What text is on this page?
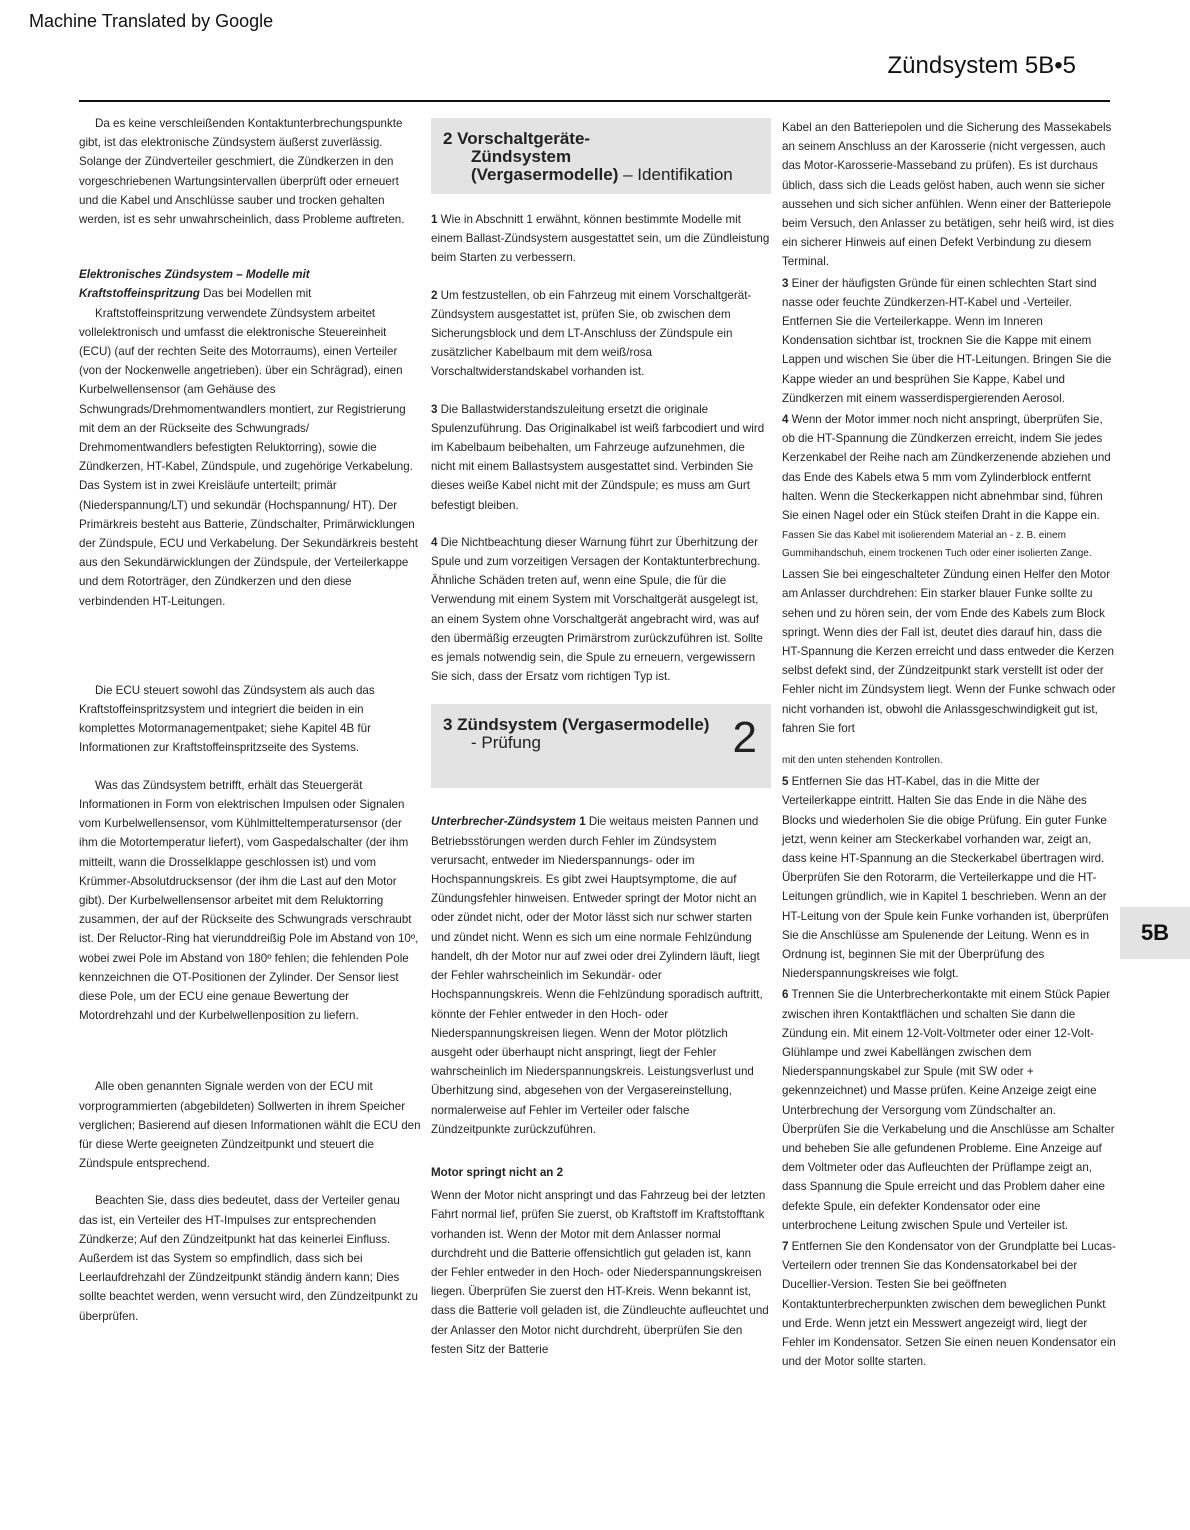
Machine Translated by Google
Zündsystem 5B•5

Da es keine verschleißenden Kontaktunterbrechungspunkte gibt, ist das elektronische Zündsystem äußerst zuverlässig. Solange der Zündverteiler geschmiert, die Zündkerzen in den vorgeschriebenen Wartungsintervallen überprüft oder erneuert und die Kabel und Anschlüsse sauber und trocken gehalten werden, ist es sehr unwahrscheinlich, dass Probleme auftreten.

Elektronisches Zündsystem – Modelle mit Kraftstoffeinspritzung Das bei Modellen mit

Kraftstoffeinspritzung verwendete Zündsystem arbeitet vollelektronisch und umfasst die elektronische Steuereinheit (ECU) (auf der rechten Seite des Motorraums), einen Verteiler (von der Nockenwelle angetrieben). über ein Schrägrad), einen Kurbelwellensensor (am Gehäuse des Schwungrads/Drehmomentwandlers montiert, zur Registrierung mit dem an der Rückseite des Schwungrads/ Drehmomentwandlers befestigten Reluktorring), sowie die Zündkerzen, HT-Kabel, Zündspule, und zugehörige Verkabelung. Das System ist in zwei Kreisläufe unterteilt; primär (Niederspannung/LT) und sekundär (Hochspannung/ HT). Der Primärkreis besteht aus Batterie, Zündschalter, Primärwicklungen der Zündspule, ECU und Verkabelung. Der Sekundärkreis besteht aus den Sekundärwicklungen der Zündspule, der Verteilerkappe und dem Rotorträger, den Zündkerzen und den diese verbindenden HT-Leitungen.

Die ECU steuert sowohl das Zündsystem als auch das Kraftstoffeinspritzsystem und integriert die beiden in ein komplettes Motormanagementpaket; siehe Kapitel 4B für Informationen zur Kraftstoffeinspritzseite des Systems.

Was das Zündsystem betrifft, erhält das Steuergerät Informationen in Form von elektrischen Impulsen oder Signalen vom Kurbelwellensensor, vom Kühlmitteltemperatursensor (der ihm die Motortemperatur liefert), vom Gaspedalschalter (der ihm mitteilt, wann die Drosselklappe geschlossen ist) und vom Krümmer-Absolutdrucksensor (der ihm die Last auf den Motor gibt). Der Kurbelwellensensor arbeitet mit dem Reluktorring zusammen, der auf der Rückseite des Schwungrads verschraubt ist. Der Reluctor-Ring hat vierunddreißig Pole im Abstand von 10º, wobei zwei Pole im Abstand von 180º fehlen; die fehlenden Pole kennzeichnen die OT-Positionen der Zylinder. Der Sensor liest diese Pole, um der ECU eine genaue Bewertung der Motordrehzahl und der Kurbelwellenposition zu liefern.

Alle oben genannten Signale werden von der ECU mit vorprogrammierten (abgebildeten) Sollwerten in ihrem Speicher verglichen; Basierend auf diesen Informationen wählt die ECU den für diese Werte geeigneten Zündzeitpunkt und steuert die Zündspule entsprechend.

Beachten Sie, dass dies bedeutet, dass der Verteiler genau das ist, ein Verteiler des HT-Impulses zur entsprechenden Zündkerze; Auf den Zündzeitpunkt hat das keinerlei Einfluss. Außerdem ist das System so empfindlich, dass sich bei Leerlaufdrehzahl der Zündzeitpunkt ständig ändern kann; Dies sollte beachtet werden, wenn versucht wird, den Zündzeitpunkt zu überprüfen.

2 Vorschaltgeräte-
Zündsystem
(Vergasermodelle) – Identifikation

1 Wie in Abschnitt 1 erwähnt, können bestimmte Modelle mit einem Ballast-Zündsystem ausgestattet sein, um die Zündleistung beim Starten zu verbessern.

2 Um festzustellen, ob ein Fahrzeug mit einem Vorschaltgerät-Zündsystem ausgestattet ist, prüfen Sie, ob zwischen dem Sicherungsblock und dem LT-Anschluss der Zündspule ein zusätzlicher Kabelbaum mit dem weiß/rosa Vorschaltwiderstandskabel vorhanden ist.

3 Die Ballastwiderstandszuleitung ersetzt die originale Spulenzuführung. Das Originalkabel ist weiß farbcodiert und wird im Kabelbaum beibehalten, um Fahrzeuge aufzunehmen, die nicht mit einem Ballastsystem ausgestattet sind. Verbinden Sie dieses weiße Kabel nicht mit der Zündspule; es muss am Gurt befestigt bleiben.

4 Die Nichtbeachtung dieser Warnung führt zur Überhitzung der Spule und zum vorzeitigen Versagen der Kontaktunterbrechung. Ähnliche Schäden treten auf, wenn eine Spule, die für die Verwendung mit einem System mit Vorschaltgerät ausgelegt ist, an einem System ohne Vorschaltgerät angebracht wird, was auf den übermäßig erzeugten Primärstrom zurückzuführen ist. Sollte es jemals notwendig sein, die Spule zu erneuern, vergewissern Sie sich, dass der Ersatz vom richtigen Typ ist.

3 Zündsystem (Vergasermodelle)
- Prüfung	2

Unterbrecher-Zündsystem 1 Die weitaus meisten Pannen und Betriebsstörungen werden durch Fehler im Zündsystem verursacht, entweder im Niederspannungs- oder im Hochspannungskreis. Es gibt zwei Hauptsymptome, die auf Zündungsfehler hinweisen. Entweder springt der Motor nicht an oder zündet nicht, oder der Motor lässt sich nur schwer starten und zündet nicht. Wenn es sich um eine normale Fehlzündung handelt, dh der Motor nur auf zwei oder drei Zylindern läuft, liegt der Fehler wahrscheinlich im Sekundär- oder Hochspannungskreis. Wenn die Fehlzündung sporadisch auftritt, könnte der Fehler entweder in den Hoch- oder Niederspannungskreisen liegen. Wenn der Motor plötzlich ausgeht oder überhaupt nicht anspringt, liegt der Fehler wahrscheinlich im Niederspannungskreis. Leistungsverlust und Überhitzung sind, abgesehen von der Vergasereinstellung, normalerweise auf Fehler im Verteiler oder falsche Zündzeitpunkte zurückzuführen.

Motor springt nicht an 2

Wenn der Motor nicht anspringt und das Fahrzeug bei der letzten Fahrt normal lief, prüfen Sie zuerst, ob Kraftstoff im Kraftstofftank vorhanden ist. Wenn der Motor mit dem Anlasser normal durchdreht und die Batterie offensichtlich gut geladen ist, kann der Fehler entweder in den Hoch- oder Niederspannungskreisen liegen. Überprüfen Sie zuerst den HT-Kreis. Wenn bekannt ist, dass die Batterie voll geladen ist, die Zündleuchte aufleuchtet und der Anlasser den Motor nicht durchdreht, überprüfen Sie den festen Sitz der Batterie

Kabel an den Batteriepolen und die Sicherung des Massekabels an seinem Anschluss an der Karosserie (nicht vergessen, auch das Motor-Karosserie-Masseband zu prüfen). Es ist durchaus üblich, dass sich die Leads gelöst haben, auch wenn sie sicher aussehen und sich sicher anfühlen. Wenn einer der Batteriepole beim Versuch, den Anlasser zu betätigen, sehr heiß wird, ist dies ein sicherer Hinweis auf einen Defekt Verbindung zu diesem Terminal.

3 Einer der häufigsten Gründe für einen schlechten Start sind nasse oder feuchte Zündkerzen-HT-Kabel und -Verteiler. Entfernen Sie die Verteilerkappe. Wenn im Inneren Kondensation sichtbar ist, trocknen Sie die Kappe mit einem Lappen und wischen Sie über die HT-Leitungen. Bringen Sie die Kappe wieder an und besprühen Sie Kappe, Kabel und Zündkerzen mit einem wasserdispergierenden Aerosol.

4 Wenn der Motor immer noch nicht anspringt, überprüfen Sie, ob die HT-Spannung die Zündkerzen erreicht, indem Sie jedes Kerzenkabel der Reihe nach am Zündkerzenende abziehen und das Ende des Kabels etwa 5 mm vom Zylinderblock entfernt halten. Wenn die Steckerkappen nicht abnehmbar sind, führen Sie einen Nagel oder ein Stück steifen Draht in die Kappe ein.

Fassen Sie das Kabel mit isolierendem Material an - z. B. einem Gummihandschuh, einem trockenen Tuch oder einer isolierten Zange.

Lassen Sie bei eingeschalteter Zündung einen Helfer den Motor am Anlasser durchdrehen: Ein starker blauer Funke sollte zu sehen und zu hören sein, der vom Ende des Kabels zum Block springt. Wenn dies der Fall ist, deutet dies darauf hin, dass die HT-Spannung die Kerzen erreicht und dass entweder die Kerzen selbst defekt sind, der Zündzeitpunkt stark verstellt ist oder der Fehler nicht im Zündsystem liegt. Wenn der Funke schwach oder nicht vorhanden ist, obwohl die Anlassgeschwindigkeit gut ist, fahren Sie fort

mit den unten stehenden Kontrollen.

5 Entfernen Sie das HT-Kabel, das in die Mitte der Verteilerkappe eintritt. Halten Sie das Ende in die Nähe des Blocks und wiederholen Sie die obige Prüfung. Ein guter Funke jetzt, wenn keiner am Steckerkabel vorhanden war, zeigt an, dass keine HT-Spannung an die Steckerkabel übertragen wird. Überprüfen Sie den Rotorarm, die Verteilerkappe und die HT-Leitungen gründlich, wie in Kapitel 1 beschrieben. Wenn an der HT-Leitung von der Spule kein Funke vorhanden ist, überprüfen Sie die Anschlüsse am Spulenende der Leitung. Wenn es in Ordnung ist, beginnen Sie mit der Überprüfung des Niederspannungskreises wie folgt.

6 Trennen Sie die Unterbrecherkontakte mit einem Stück Papier zwischen ihren Kontaktflächen und schalten Sie dann die Zündung ein. Mit einem 12-Volt-Voltmeter oder einer 12-Volt-Glühlampe und zwei Kabellängen zwischen dem Niederspannungskabel zur Spule (mit SW oder + gekennzeichnet) und Masse prüfen. Keine Anzeige zeigt eine Unterbrechung der Versorgung vom Zündschalter an. Überprüfen Sie die Verkabelung und die Anschlüsse am Schalter und beheben Sie alle gefundenen Probleme. Eine Anzeige auf dem Voltmeter oder das Aufleuchten der Prüflampe zeigt an, dass Spannung die Spule erreicht und das Problem daher eine defekte Spule, ein defekter Kondensator oder eine unterbrochene Leitung zwischen Spule und Verteiler ist.

7 Entfernen Sie den Kondensator von der Grundplatte bei Lucas-Verteilern oder trennen Sie das Kondensatorkabel bei der Ducellier-Version. Testen Sie bei geöffneten Kontaktunterbrecherpunkten zwischen dem beweglichen Punkt und Erde. Wenn jetzt ein Messwert angezeigt wird, liegt der Fehler im Kondensator. Setzen Sie einen neuen Kondensator ein und der Motor sollte starten.

5B
